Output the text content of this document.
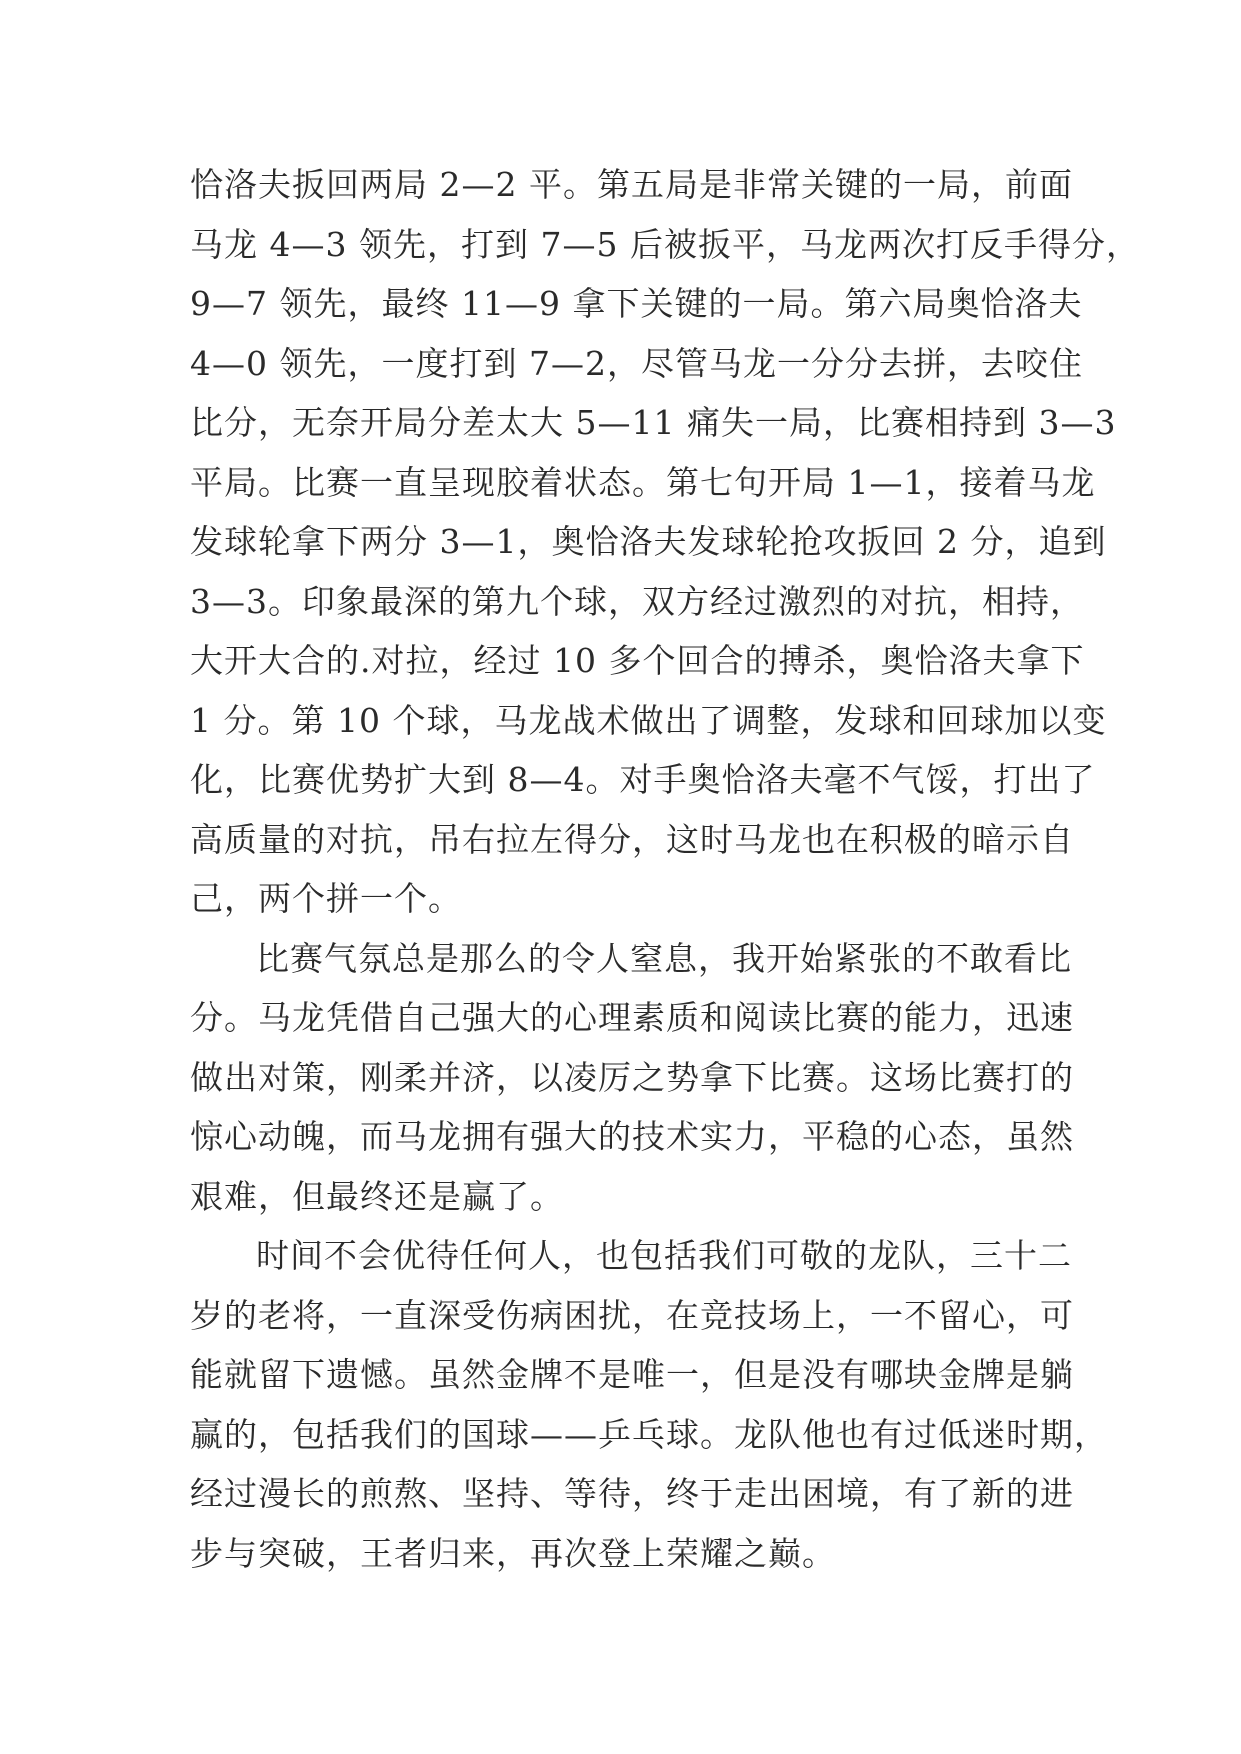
恰洛夫扳回两局 2—2 平。第五局是非常关键的一局，前面
马龙 4—3 领先，打到 7—5 后被扳平，马龙两次打反手得分，
9—7 领先，最终 11—9 拿下关键的一局。第六局奥恰洛夫
4—0 领先，一度打到 7—2，尽管马龙一分分去拼，去咬住
比分，无奈开局分差太大 5—11 痛失一局，比赛相持到 3—3
平局。比赛一直呈现胶着状态。第七句开局 1—1，接着马龙
发球轮拿下两分 3—1，奥恰洛夫发球轮抢攻扳回 2 分，追到
3—3。印象最深的第九个球，双方经过激烈的对抗，相持，
大开大合的.对拉，经过 10 多个回合的搏杀，奥恰洛夫拿下
1 分。第 10 个球，马龙战术做出了调整，发球和回球加以变
化，比赛优势扩大到 8—4。对手奥恰洛夫毫不气馁，打出了
高质量的对抗，吊右拉左得分，这时马龙也在积极的暗示自
己，两个拼一个。
比赛气氛总是那么的令人窒息，我开始紧张的不敢看比
分。马龙凭借自己强大的心理素质和阅读比赛的能力，迅速
做出对策，刚柔并济，以凌厉之势拿下比赛。这场比赛打的
惊心动魄，而马龙拥有强大的技术实力，平稳的心态，虽然
艰难，但最终还是赢了。
时间不会优待任何人，也包括我们可敬的龙队，三十二
岁的老将，一直深受伤病困扰，在竞技场上，一不留心，可
能就留下遗憾。虽然金牌不是唯一，但是没有哪块金牌是躺
赢的，包括我们的国球——乒乓球。龙队他也有过低迷时期，
经过漫长的煎熬、坚持、等待，终于走出困境，有了新的进
步与突破，王者归来，再次登上荣耀之巅。
